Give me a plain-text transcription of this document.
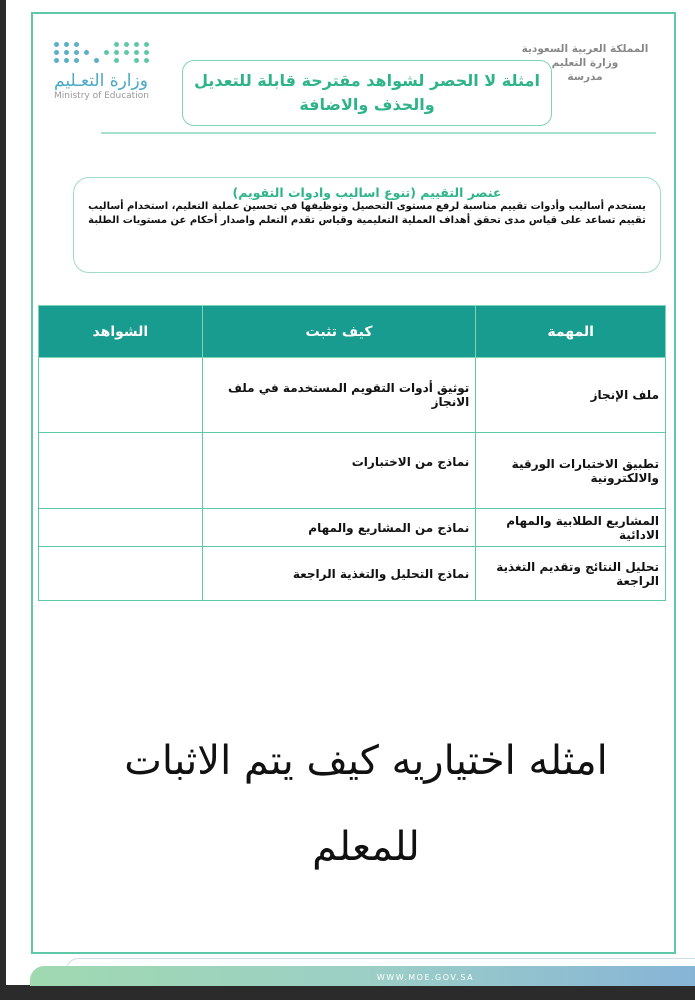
المملكة العربية السعودية
وزارة التعليم
مدرسة
وزارة التعـليم
Ministry of Education
امثلة لا الحصر لشواهد مقترحة قابلة للتعديل والحذف والاضافة
عنصر التقييم (تنوع اساليب وادوات التقويم)

يستخدم أساليب وأدوات تقييم مناسبة لرفع مستوى التحصيل وتوظيفها في تحسين عملية التعليم، استخدام أساليب تقييم تساعد على قياس مدى تحقق أهداف العملية التعليمية وقياس تقدم التعلم واصدار أحكام عن مستويات الطلبة

المهمة	كيف تثبت	الشواهد
ملف الإنجاز	توثيق أدوات التقويم المستخدمة في ملف الانجاز	
تطبيق الاختبارات الورقية والالكترونية	نماذج من الاختبارات	
المشاريع الطلابية والمهام الادائية	نماذج من المشاريع والمهام	
تحليل النتائج وتقديم التغذية الراجعة	نماذج التحليل والتغذية الراجعة	
امثله اختياريه كيف يتم الاثبات
للمعلم
WWW.MOE.GOV.SA
